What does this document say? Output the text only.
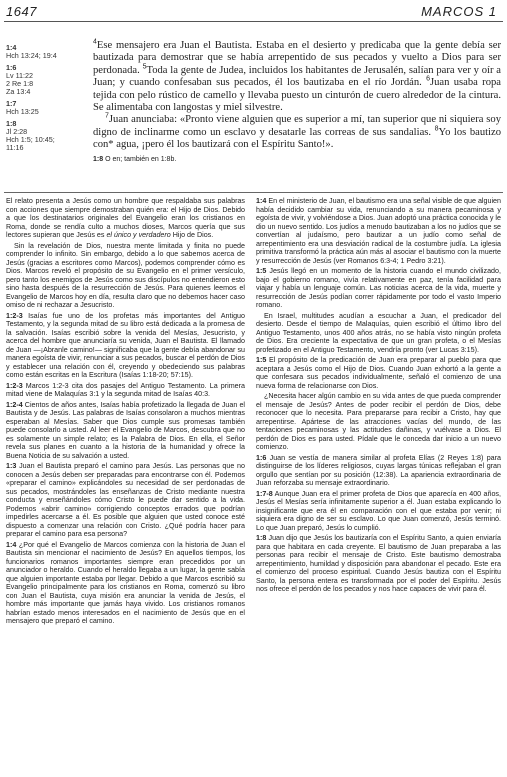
1647	MARCOS 1
1:4
Hch 13:24; 19:4
1:6
Lv 11:22
2 Re 1:8
Za 13:4
1:7
Hch 13:25
1:8
Jl 2:28
Hch 1:5; 10:45;
11:16

$^4$Ese mensajero era Juan el Bautista. Estaba en el desierto y predicaba que la gente debía ser bautizada para demostrar que se había arrepentido de sus pecados y vuelto a Dios para ser perdonada. $^5$Toda la gente de Judea, incluidos los habitantes de Jerusalén, salían para ver y oír a Juan; y cuando confesaban sus pecados, él los bautizaba en el río Jordán. $^6$Juan usaba ropa tejida con pelo rústico de camello y llevaba puesto un cinturón de cuero alrededor de la cintura. Se alimentaba con langostas y miel silvestre.

$^7$Juan anunciaba: «Pronto viene alguien que es superior a mí, tan superior que ni siquiera soy digno de inclinarme como un esclavo y desatarle las correas de sus sandalias. $^8$Yo los bautizo con* agua, ¡pero él los bautizará con el Espíritu Santo!».

1:8 O en; también en 1:8b.

El relato presenta a Jesús como un hombre que respaldaba sus palabras con acciones que siempre demostraban quién era: el Hijo de Dios. Debido a que los destinatarios originales del Evangelio eran los cristianos en Roma, donde se rendía culto a muchos dioses, Marcos quería que sus lectores supieran que Jesús es el único y verdadero Hijo de Dios.

Sin la revelación de Dios, nuestra mente limitada y finita no puede comprender lo infinito. Sin embargo, debido a lo que sabemos acerca de Jesús (gracias a escritores como Marcos), podemos comprender cómo es Dios. Marcos reveló el propósito de su Evangelio en el primer versículo, pero tanto los enemigos de Jesús como sus discípulos no entendieron esto sino hasta después de la resurrección de Jesús. Para quienes leemos el Evangelio de Marcos hoy en día, resulta claro que no debemos hacer caso omiso de ni rechazar a Jesucristo.

1:2-3 Isaías fue uno de los profetas más importantes del Antiguo Testamento, y la segunda mitad de su libro está dedicada a la promesa de la salvación. Isaías escribió sobre la venida del Mesías, Jesucristo, y acerca del hombre que anunciaría su venida, Juan el Bautista. El llamado de Juan —¡Abranle camino!— significaba que la gente debía abandonar su manera egoísta de vivir, renunciar a sus pecados, buscar el perdón de Dios y establecer una relación con él, creyendo y obedeciendo sus palabras como están escritas en la Escritura (Isaías 1:18-20; 57:15).

1:2-3 Marcos 1:2-3 cita dos pasajes del Antiguo Testamento. La primera mitad viene de Malaquías 3:1 y la segunda mitad de Isaías 40:3.

1:2-4 Cientos de años antes, Isaías había profetizado la llegada de Juan el Bautista y de Jesús. Las palabras de Isaías consolaron a muchos mientras esperaban al Mesías. Saber que Dios cumple sus promesas también puede consolarlo a usted. Al leer el Evangelio de Marcos, descubra que no es solamente un simple relato; es la Palabra de Dios. En ella, el Señor revela sus planes en cuanto a la historia de la humanidad y ofrece la Buena Noticia de su salvación a usted.

1:3 Juan el Bautista preparó el camino para Jesús. Las personas que no conocen a Jesús deben ser preparadas para encontrarse con él. Podemos «preparar el camino» explicándoles su necesidad de ser perdonadas de sus pecados, mostrándoles las enseñanzas de Cristo mediante nuestra conducta y enseñándoles cómo Cristo le puede dar sentido a la vida. Podemos «abrir camino» corrigiendo conceptos errados que podrían impedirles acercarse a él. Es posible que alguien que usted conoce esté dispuesto a comenzar una relación con Cristo. ¿Qué podría hacer para preparar el camino para esa persona?

1:4 ¿Por qué el Evangelio de Marcos comienza con la historia de Juan el Bautista sin mencionar el nacimiento de Jesús? En aquellos tiempos, los funcionarios romanos importantes siempre eran precedidos por un anunciador o heraldo. Cuando el heraldo llegaba a un lugar, la gente sabía que alguien importante estaba por llegar. Debido a que Marcos escribió su Evangelio principalmente para los cristianos en Roma, comenzó su libro con Juan el Bautista, cuya misión era anunciar la venida de Jesús, el hombre más importante que jamás haya vivido. Los cristianos romanos habrían estado menos interesados en el nacimiento de Jesús que en el mensajero que preparó el camino.

1:4 En el ministerio de Juan, el bautismo era una señal visible de que alguien había decidido cambiar su vida, renunciando a su manera pecaminosa y egoísta de vivir, y volviéndose a Dios. Juan adoptó una práctica conocida y le dio un nuevo sentido. Los judíos a menudo bautizaban a los no judíos que se convertían al judaísmo, pero bautizar a un judío como señal de arrepentimiento era una desviación radical de la costumbre judía. La iglesia primitiva transformó la práctica aún más al asociar el bautismo con la muerte y resurrección de Jesús (ver Romanos 6:3-4; 1 Pedro 3:21).

1:5 Jesús llegó en un momento de la historia cuando el mundo civilizado, bajo el gobierno romano, vivía relativamente en paz, tenía facilidad para viajar y había un lenguaje común. Las noticias acerca de la vida, muerte y resurrección de Jesús podían correr rápidamente por todo el vasto Imperio romano.

En Israel, multitudes acudían a escuchar a Juan, el predicador del desierto. Desde el tiempo de Malaquías, quien escribió el último libro del Antiguo Testamento, unos 400 años atrás, no se había visto ningún profeta de Dios. Era creciente la expectativa de que un gran profeta, o el Mesías profetizado en el Antiguo Testamento, vendría pronto (ver Lucas 3:15).

1:5 El propósito de la predicación de Juan era preparar al pueblo para que aceptara a Jesús como el Hijo de Dios. Cuando Juan exhortó a la gente a que confesara sus pecados individualmente, señaló el comienzo de una nueva forma de relacionarse con Dios.

¿Necesita hacer algún cambio en su vida antes de que pueda comprender el mensaje de Jesús? Antes de poder recibir el perdón de Dios, debe reconocer que lo necesita. Para prepararse para recibir a Cristo, hay que arrepentirse. Apártese de las atracciones vacías del mundo, de las tentaciones pecaminosas y las actitudes dañinas, y vuélvase a Dios. El perdón de Dios es para usted. Pídale que le conceda dar inicio a un nuevo comienzo.

1:6 Juan se vestía de manera similar al profeta Elías (2 Reyes 1:8) para distinguirse de los líderes religiosos, cuyas largas túnicas reflejaban el gran orgullo que sentían por su posición (12:38). La apariencia extraordinaria de Juan reforzaba su mensaje extraordinario.

1:7-8 Aunque Juan era el primer profeta de Dios que aparecía en 400 años, Jesús el Mesías sería infinitamente superior a él. Juan estaba explicando lo insignificante que era él en comparación con el que estaba por venir; ni siquiera era digno de ser su esclavo. Lo que Juan comenzó, Jesús terminó. Lo que Juan preparó, Jesús lo cumplió.

1:8 Juan dijo que Jesús los bautizaría con el Espíritu Santo, a quien enviaría para que habitara en cada creyente. El bautismo de Juan preparaba a las personas para recibir el mensaje de Cristo. Este bautismo demostraba arrepentimiento, humildad y disposición para abandonar el pecado. Este era el comienzo del proceso espiritual. Cuando Jesús bautiza con el Espíritu Santo, la persona entera es transformada por el poder del Espíritu. Jesús nos ofrece el perdón de los pecados y nos hace capaces de vivir para él.
